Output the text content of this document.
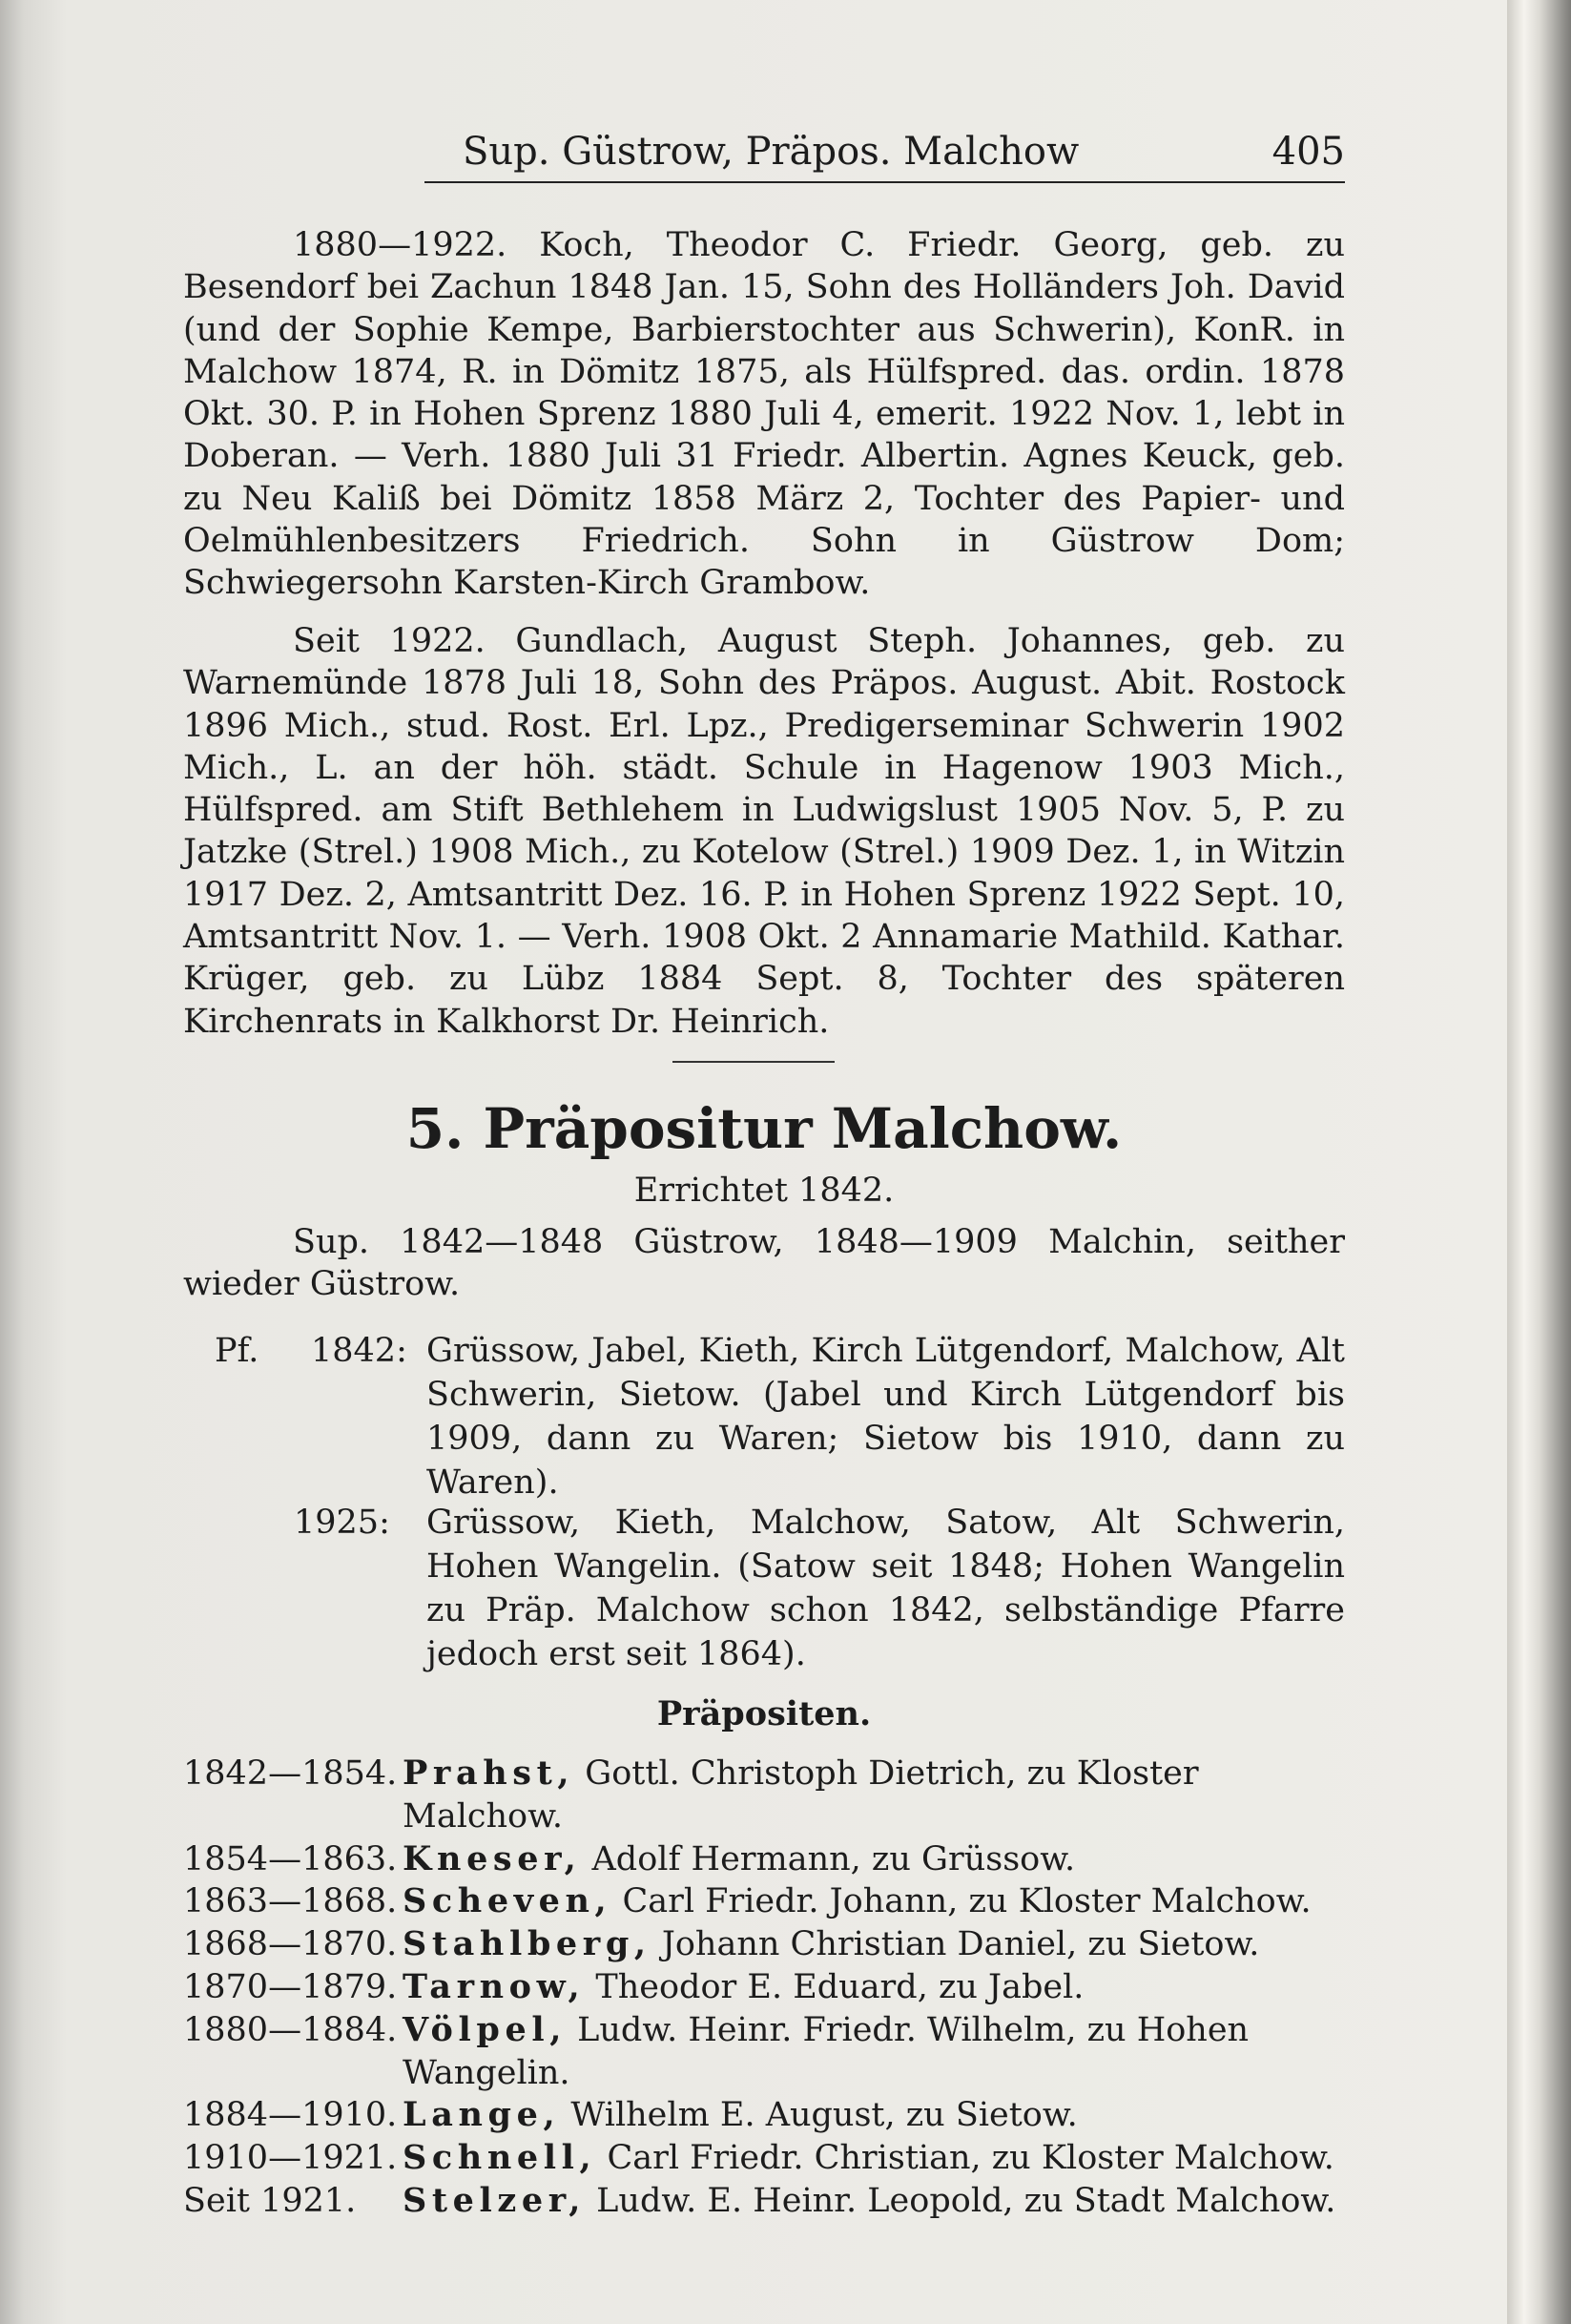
Sup. Güstrow, Präpos. Malchow	405

1880—1922. Koch, Theodor C. Friedr. Georg, geb. zu Besendorf bei Zachun 1848 Jan. 15, Sohn des Holländers Joh. David (und der Sophie Kempe, Barbierstochter aus Schwerin), KonR. in Malchow 1874, R. in Dömitz 1875, als Hülfspred. das. ordin. 1878 Okt. 30. P. in Hohen Sprenz 1880 Juli 4, emerit. 1922 Nov. 1, lebt in Doberan. — Verh. 1880 Juli 31 Friedr. Albertin. Agnes Keuck, geb. zu Neu Kaliß bei Dömitz 1858 März 2, Tochter des Papier- und Oelmühlenbesitzers Friedrich. Sohn in Güstrow Dom; Schwiegersohn Karsten-Kirch Grambow.

Seit 1922. Gundlach, August Steph. Johannes, geb. zu Warnemünde 1878 Juli 18, Sohn des Präpos. August. Abit. Rostock 1896 Mich., stud. Rost. Erl. Lpz., Predigerseminar Schwerin 1902 Mich., L. an der höh. städt. Schule in Hagenow 1903 Mich., Hülfspred. am Stift Bethlehem in Ludwigslust 1905 Nov. 5, P. zu Jatzke (Strel.) 1908 Mich., zu Kotelow (Strel.) 1909 Dez. 1, in Witzin 1917 Dez. 2, Amtsantritt Dez. 16. P. in Hohen Sprenz 1922 Sept. 10, Amtsantritt Nov. 1. — Verh. 1908 Okt. 2 Annamarie Mathild. Kathar. Krüger, geb. zu Lübz 1884 Sept. 8, Tochter des späteren Kirchenrats in Kalkhorst Dr. Heinrich.

5. Präpositur Malchow.
Errichtet 1842.

Sup. 1842—1848 Güstrow, 1848—1909 Malchin, seither wieder Güstrow.

Pf. 1842: Grüssow, Jabel, Kieth, Kirch Lütgendorf, Malchow, Alt Schwerin, Sietow. (Jabel und Kirch Lütgendorf bis 1909, dann zu Waren; Sietow bis 1910, dann zu Waren).
1925: Grüssow, Kieth, Malchow, Satow, Alt Schwerin, Hohen Wangelin. (Satow seit 1848; Hohen Wangelin zu Präp. Malchow schon 1842, selbständige Pfarre jedoch erst seit 1864).
Präpositen.
1842—1854. Prahst, Gottl. Christoph Dietrich, zu Kloster Malchow.
1854—1863. Kneser, Adolf Hermann, zu Grüssow.
1863—1868. Scheven, Carl Friedr. Johann, zu Kloster Malchow.
1868—1870. Stahlberg, Johann Christian Daniel, zu Sietow.
1870—1879. Tarnow, Theodor E. Eduard, zu Jabel.
1880—1884. Völpel, Ludw. Heinr. Friedr. Wilhelm, zu Hohen Wangelin.
1884—1910. Lange, Wilhelm E. August, zu Sietow.
1910—1921. Schnell, Carl Friedr. Christian, zu Kloster Malchow.
Seit 1921.	Stelzer, Ludw. E. Heinr. Leopold, zu Stadt Malchow.
